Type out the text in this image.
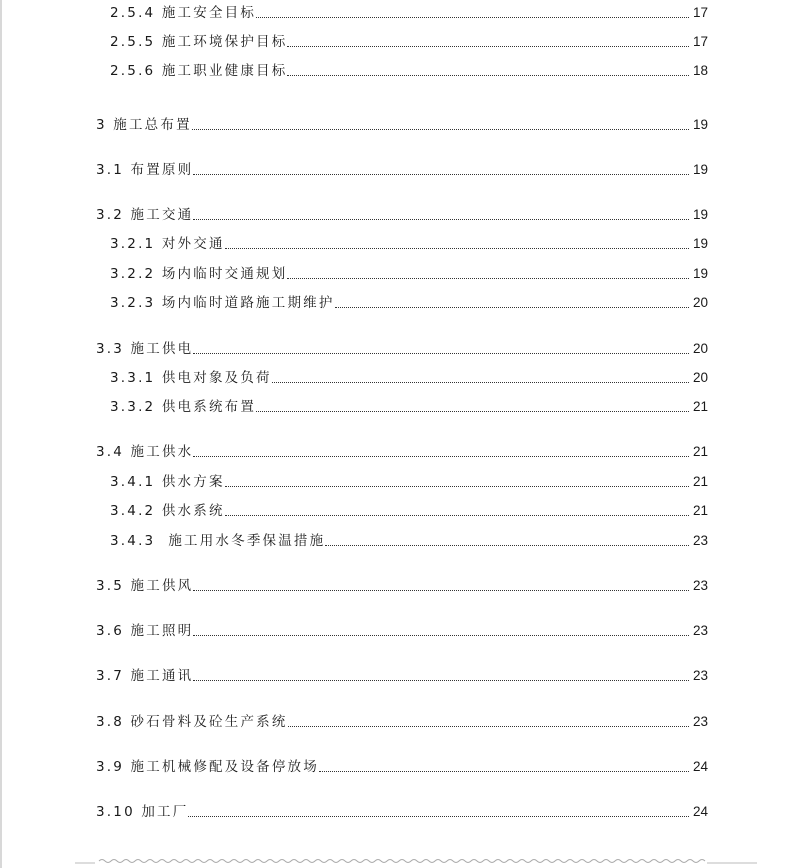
2.5.4 施工安全目标	17
2.5.5 施工环境保护目标	17
2.5.6 施工职业健康目标	18
3 施工总布置	19
3.1 布置原则	19
3.2 施工交通	19
3.2.1 对外交通	19
3.2.2 场内临时交通规划	19
3.2.3 场内临时道路施工期维护	20
3.3 施工供电	20
3.3.1 供电对象及负荷	20
3.3.2 供电系统布置	21
3.4 施工供水	21
3.4.1 供水方案	21
3.4.2 供水系统	21
3.4.3  施工用水冬季保温措施	23
3.5 施工供风	23
3.6 施工照明	23
3.7 施工通讯	23
3.8 砂石骨料及砼生产系统	23
3.9 施工机械修配及设备停放场	24
3.10 加工厂	24
